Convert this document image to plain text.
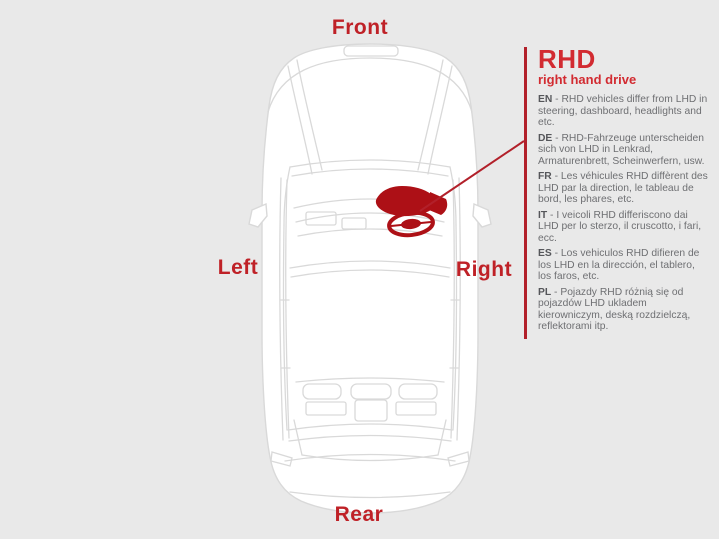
Front
Left	Right
Rear
RHD
right hand drive

EN - RHD vehicles differ from LHD in steering, dashboard, headlights and etc.

DE - RHD-Fahrzeuge unterscheiden sich von LHD in Lenkrad, Armaturenbrett, Scheinwerfern, usw.

FR - Les véhicules RHD diffèrent des LHD par la direction, le tableau de bord, les phares, etc.

IT - I veicoli RHD differiscono dai LHD per lo sterzo, il cruscotto, i fari, ecc.

ES - Los vehiculos RHD difieren de los LHD en la dirección, el tablero, los faros, etc.

PL - Pojazdy RHD różnią się od pojazdów LHD ukladem kierowniczym, deską rozdzielczą, reflektorami itp.
